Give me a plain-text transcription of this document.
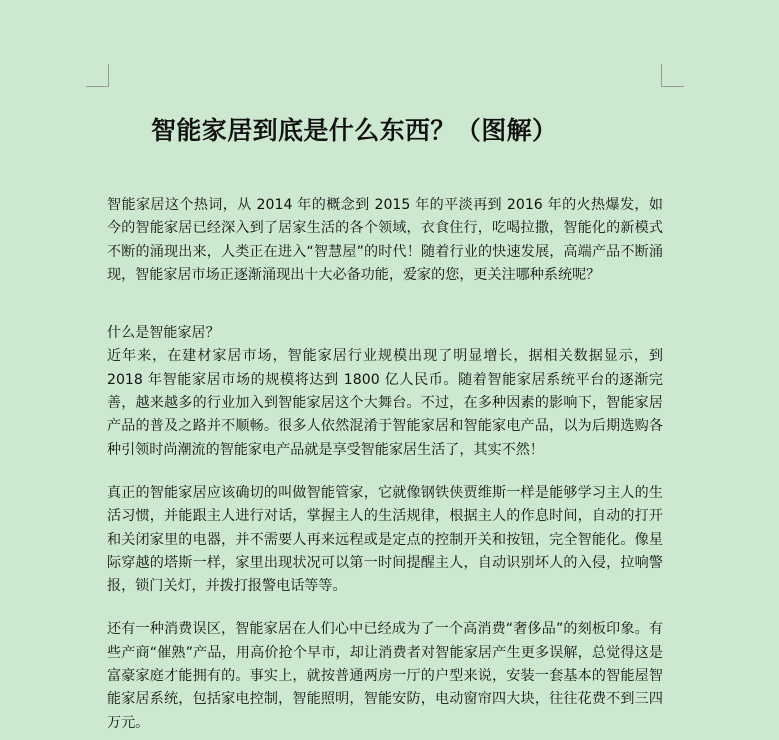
智能家居到底是什么东西？（图解）

智能家居这个热词，从 2014 年的概念到 2015 年的平淡再到 2016 年的火热爆发，如今的智能家居已经深入到了居家生活的各个领域，衣食住行，吃喝拉撒，智能化的新模式不断的涌现出来，人类正在进入“智慧屋”的时代！随着行业的快速发展，高端产品不断涌现，智能家居市场正逐渐涌现出十大必备功能，爱家的您，更关注哪种系统呢？

什么是智能家居？

近年来，在建材家居市场，智能家居行业规模出现了明显增长，据相关数据显示，到 2018 年智能家居市场的规模将达到 1800 亿人民币。随着智能家居系统平台的逐渐完善，越来越多的行业加入到智能家居这个大舞台。不过，在多种因素的影响下，智能家居产品的普及之路并不顺畅。很多人依然混淆于智能家居和智能家电产品，以为后期选购各种引领时尚潮流的智能家电产品就是享受智能家居生活了，其实不然！

真正的智能家居应该确切的叫做智能管家，它就像钢铁侠贾维斯一样是能够学习主人的生活习惯，并能跟主人进行对话，掌握主人的生活规律，根据主人的作息时间，自动的打开和关闭家里的电器，并不需要人再来远程或是定点的控制开关和按钮，完全智能化。像星际穿越的塔斯一样，家里出现状况可以第一时间提醒主人，自动识别坏人的入侵，拉响警报，锁门关灯，并拨打报警电话等等。

还有一种消费误区，智能家居在人们心中已经成为了一个高消费“奢侈品”的刻板印象。有些产商“催熟”产品，用高价抢个早市，却让消费者对智能家居产生更多误解，总觉得这是富豪家庭才能拥有的。事实上，就按普通两房一厅的户型来说，安装一套基本的智能屋智能家居系统，包括家电控制，智能照明，智能安防，电动窗帘四大块，往往花费不到三四万元。
